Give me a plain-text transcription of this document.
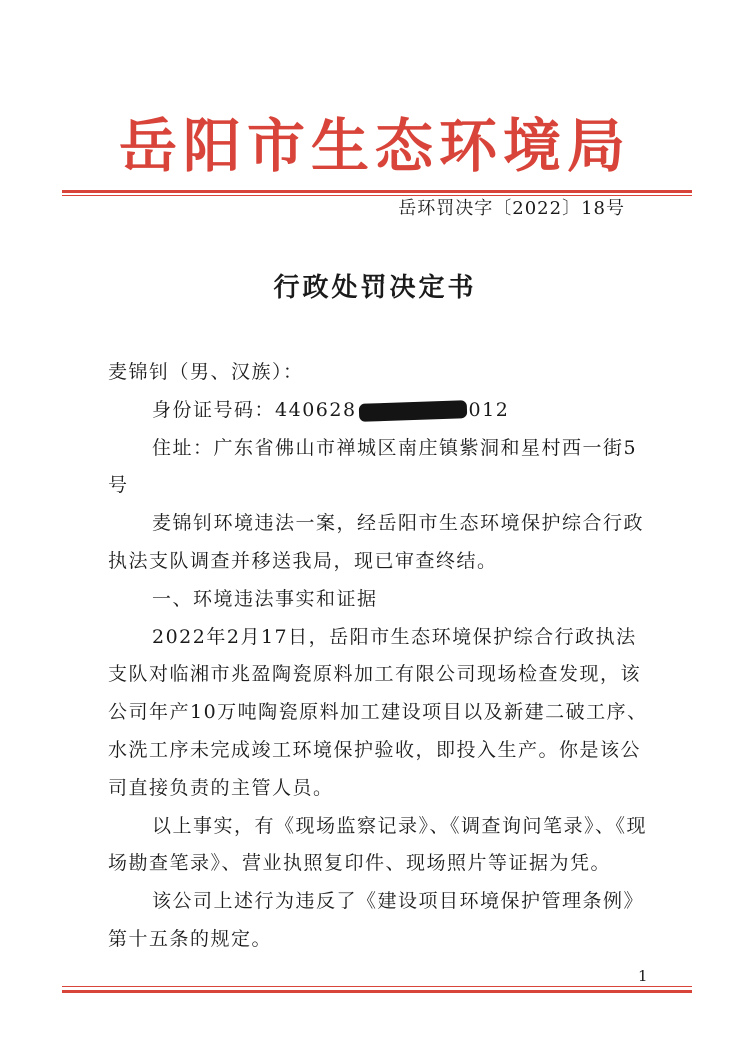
岳阳市生态环境局
岳环罚决字〔2022〕18号
行政处罚决定书

麦锦钊（男、汉族）：

身份证号码：440628	012

住址：广东省佛山市禅城区南庄镇紫洞和星村西一街5

号

麦锦钊环境违法一案，经岳阳市生态环境保护综合行政

执法支队调查并移送我局，现已审查终结。

一、环境违法事实和证据

2022年2月17日，岳阳市生态环境保护综合行政执法

支队对临湘市兆盈陶瓷原料加工有限公司现场检查发现，该

公司年产10万吨陶瓷原料加工建设项目以及新建二破工序、

水洗工序未完成竣工环境保护验收，即投入生产。你是该公

司直接负责的主管人员。

以上事实，有《现场监察记录》、《调查询问笔录》、《现

场勘查笔录》、营业执照复印件、现场照片等证据为凭。

该公司上述行为违反了《建设项目环境保护管理条例》

第十五条的规定。

1
